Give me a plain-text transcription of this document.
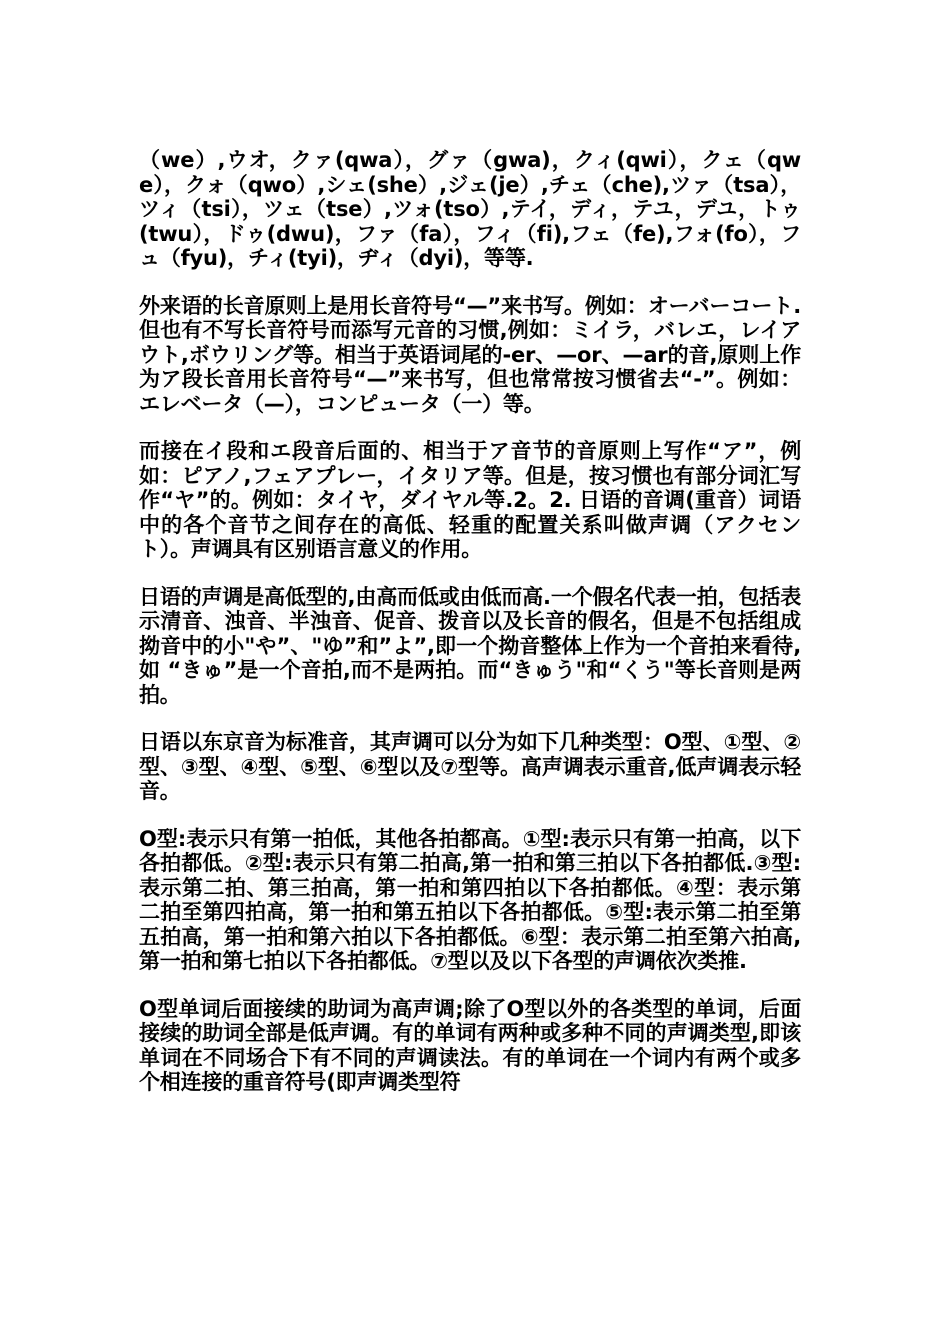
（we）,ウオ，クァ(qwa），グァ（gwa)，クィ(qwi），クェ（qwe），クォ（qwo）,シェ(she）,ジェ(je）,チェ（che),ツァ（tsa），ツィ（tsi），ツェ（tse）,ツォ(tso）,テイ，ディ，テユ，デユ，トゥ(twu），ドゥ(dwu)，ファ（fa），フィ（fi),フェ（fe),フォ(fo），フュ（fyu)，チィ(tyi)，ヂィ（dyi)，等等.

外来语的长音原则上是用长音符号“—”来书写。例如：オーバーコート.但也有不写长音符号而添写元音的习惯,例如：ミイラ，バレエ，レイアウト,ボウリング等。相当于英语词尾的-er、—or、—ar的音,原则上作为ア段长音用长音符号“—”来书写，但也常常按习惯省去“-”。例如：エレベータ（—），コンピュータ（一）等。

而接在イ段和エ段音后面的、相当于ア音节的音原则上写作“ア”，例如：ピアノ,フェアプレー，イタリア等。但是，按习惯也有部分词汇写作“ヤ”的。例如：タイヤ，ダイヤル等.2。2. 日语的音调(重音）词语中的各个音节之间存在的高低、轻重的配置关系叫做声调（アクセント）。声调具有区别语言意义的作用。

日语的声调是高低型的,由高而低或由低而高.一个假名代表一拍，包括表示清音、浊音、半浊音、促音、拨音以及长音的假名，但是不包括组成拗音中的小"や”、"ゆ”和”よ”,即一个拗音整体上作为一个音拍来看待,如 “きゅ”是一个音拍,而不是两拍。而“きゅう"和“くう"等长音则是两拍。

日语以东京音为标准音，其声调可以分为如下几种类型：O型、①型、②型、③型、④型、⑤型、⑥型以及⑦型等。高声调表示重音,低声调表示轻音。

O型:表示只有第一拍低，其他各拍都高。①型:表示只有第一拍高，以下各拍都低。②型:表示只有第二拍高,第一拍和第三拍以下各拍都低.③型:表示第二拍、第三拍高，第一拍和第四拍以下各拍都低。④型：表示第二拍至第四拍高，第一拍和第五拍以下各拍都低。⑤型:表示第二拍至第五拍高，第一拍和第六拍以下各拍都低。⑥型：表示第二拍至第六拍高,第一拍和第七拍以下各拍都低。⑦型以及以下各型的声调依次类推.

O型单词后面接续的助词为高声调;除了O型以外的各类型的单词，后面接续的助词全部是低声调。有的单词有两种或多种不同的声调类型,即该单词在不同场合下有不同的声调读法。有的单词在一个词内有两个或多个相连接的重音符号(即声调类型符
